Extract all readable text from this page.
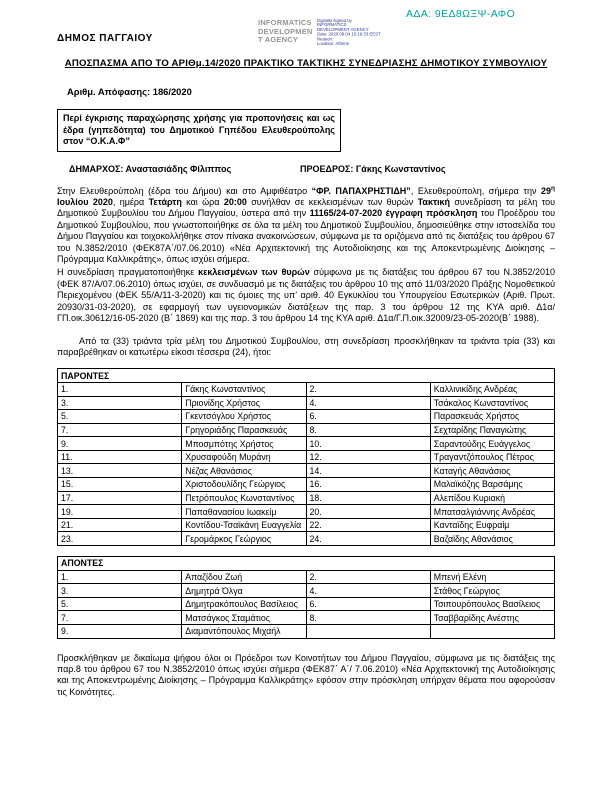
ΑΔΑ: 9ΕΔ8ΩΞΨ-ΑΦΟ
ΔΗΜΟΣ ΠΑΓΓΑΙΟΥ
INFORMATICS
DEVELOPMEN
T AGENCY
Digitally signed by
INFORMATICS
DEVELOPMENT AGENCY
Date: 2020.08.04 10:16:33 EEST
Reason:
Location: Athens
ΑΠΟΣΠΑΣΜΑ ΑΠΟ ΤΟ ΑΡΙΘμ.14/2020 ΠΡΑΚΤΙΚΟ ΤΑΚΤΙΚΗΣ ΣΥΝΕΔΡΙΑΣΗΣ ΔΗΜΟΤΙΚΟΥ ΣΥΜΒΟΥΛΙΟΥ
Αριθμ. Απόφασης: 186/2020
Περί έγκρισης παραχώρησης χρήσης για προπονήσεις και ως έδρα (γηπεδότητα) του Δημοτικού Γηπέδου Ελευθερούπολης στον “Ο.Κ.Α.Φ”
ΔΗΜΑΡΧΟΣ: Αναστασιάδης Φίλιππος	ΠΡΟΕΔΡΟΣ: Γάκης Κωνσταντίνος
Στην Ελευθερούπολη (έδρα του Δήμου) και στο Αμφιθέατρο “ΦΡ. ΠΑΠΑΧΡΗΣΤΙΔΗ”, Ελευθερούπολη, σήμερα την $29^\eta$ Ιουλίου 2020, ημέρα Τετάρτη και ώρα 20:00 συνήλθαν σε κεκλεισμένων των θυρών Τακτική συνεδρίαση τα μέλη του Δημοτικού Συμβουλίου του Δήμου Παγγαίου, ύστερα από την 11165/24-07-2020 έγγραφη πρόσκληση του Προέδρου του Δημοτικού Συμβουλίου, που γνωστοποιήθηκε σε όλα τα μέλη του Δημοτικού Συμβουλίου, δημοσιεύθηκε στην ιστοσελίδα του Δήμου Παγγαίου και τοιχοκολλήθηκε στον πίνακα ανακοινώσεων, σύμφωνα με τα οριζόμενα από τις διατάξεις του άρθρου 67 του Ν.3852/2010 (ΦΕΚ87Α΄/07.06.2010) «Νέα Αρχιτεκτονική της Αυτοδιοίκησης και της Αποκεντρωμένης Διοίκησης – Πρόγραμμα Καλλικράτης», όπως ισχύει σήμερα.
Η συνεδρίαση πραγματοποιήθηκε κεκλεισμένων των θυρών σύμφωνα με τις διατάξεις του άρθρου 67 του Ν.3852/2010 (ΦΕΚ 87/Α/07.06.2010) όπως ισχύει, σε συνδυασμό με τις διατάξεις του άρθρου 10 της από 11/03/2020 Πράξης Νομοθετικού Περιεχομένου (ΦΕΚ 55/Α/11-3-2020) και τις όμοιες της υπ’ αριθ. 40 Εγκυκλίου του Υπουργείου Εσωτερικών (Αριθ. Πρωτ. 20930/31-03-2020), σε εφαρμογή των υγειονομικών διατάξεων της παρ. 3 του άρθρου 12 της ΚΥΑ αριθ. Δ1α/ΓΠ.οικ.30612/16-05-2020 (Β΄ 1869) και της παρ. 3 του άρθρου 14 της ΚΥΑ αριθ. Δ1α/Γ.Π.οικ.32009/23-05-2020(Β΄ 1988).
Από τα (33) τριάντα τρία μέλη του Δημοτικού Συμβουλίου, στη συνεδρίαση προσκλήθηκαν τα τριάντα τρία (33) και παραβρέθηκαν οι κατωτέρω είκοσι τέσσερα (24), ήτοι:
ΠΑΡΟΝΤΕΣ			
1.	Γάκης Κωνσταντίνος	2.	Καλλινικίδης Ανδρέας
3.	Πριονίδης Χρήστος	4.	Τσάκαλος Κωνσταντίνος
5.	Γκεντσόγλου Χρήστος	6.	Παρασκευάς Χρήστος
7.	Γρηγοριάδης Παρασκευάς	8.	Σεχταρίδης Παναγιώτης
9.	Μποσμπότης Χρήστος	10.	Σαραντούδης Ευάγγελος
11.	Χρυσαφούδη Μυράνη	12.	Τραγαντζόπουλος Πέτρος
13.	Νέζας Αθανάσιος	14.	Καταγής Αθανάσιος
15.	Χριστοδουλίδης Γεώργιος	16.	Μαλαϊκόζης Βαρσάμης
17.	Πετρόπουλος Κωνσταντίνος	18.	Αλεπίδου Κυριακή
19.	Παπαθανασίου Ιωακείμ	20.	Μπατσαλγιάννης Ανδρέας
21.	Κοντίδου-Τσαϊκάνη Ευαγγελία	22.	Κανταϊδης Ευφραίμ
23.	Γερομάρκος Γεώργιος	24.	Βαζαϊδης Αθανάσιος
ΑΠΟΝΤΕΣ			
1.	Απαζίδου Ζωή	2.	Μπενή Ελένη
3.	Δημητρά Όλγα	4.	Στάθος Γεώργιος
5.	Δημητρακόπουλος Βασίλειος	6.	Τσιπουρόπουλος Βασίλειος
7.	Ματσάγκος Σταμάτιος	8.	Τσαββαρίδης Ανέστης
9.	Διαμαντόπουλος Μιχαήλ		
Προσκλήθηκαν με δικαίωμα ψήφου όλοι οι Πρόεδροι των Κοινοτήτων του Δήμου Παγγαίου, σύμφωνα με τις διατάξεις της παρ.8 του άρθρου 67 του Ν.3852/2010 όπως ισχύει σήμερα (ΦΕΚ87΄ Α΄/ 7.06.2010) «Νέα Αρχιτεκτονική της Αυτοδιοίκησης και της Αποκεντρωμένης Διοίκησης – Πρόγραμμα Καλλικράτης» εφόσον στην πρόσκληση υπήρχαν θέματα που αφορούσαν τις Κοινότητες.
